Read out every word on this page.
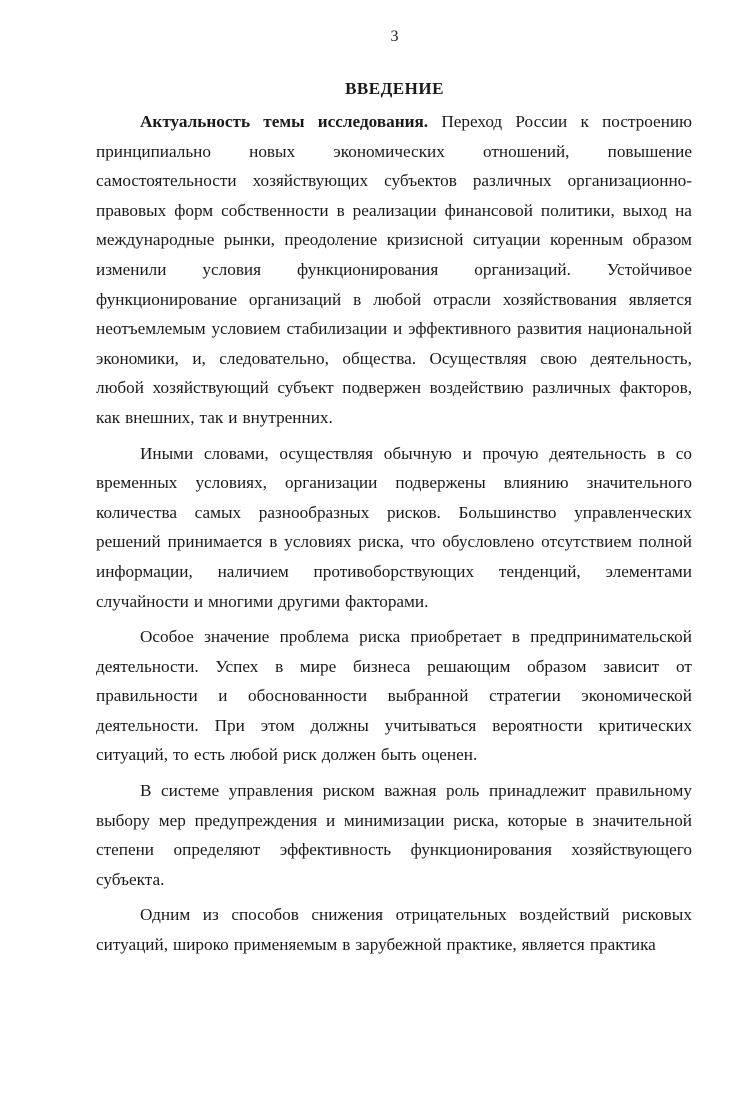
3
ВВЕДЕНИЕ
Актуальность темы исследования. Переход России к построению
принципиально новых экономических отношений, повышение
самостоятельности хозяйствующих субъектов различных организационно-
правовых форм собственности в реализации финансовой политики, выход на
международные рынки, преодоление кризисной ситуации коренным образом
изменили условия функционирования организаций. Устойчивое
функционирование организаций в любой отрасли хозяйствования является
неотъемлемым условием стабилизации и эффективного развития национальной
экономики, и, следовательно, общества. Осуществляя свою деятельность,
любой хозяйствующий субъект подвержен воздействию различных факторов,
как внешних, так и внутренних.
Иными словами, осуществляя обычную и прочую деятельность в со
временных условиях, организации подвержены влиянию значительного
количества самых разнообразных рисков. Большинство управленческих
решений принимается в условиях риска, что обусловлено отсутствием полной
информации, наличием противоборствующих тенденций, элементами
случайности и многими другими факторами.
Особое значение проблема риска приобретает в предпринимательской
деятельности. Успех в мире бизнеса решающим образом зависит от
правильности и обоснованности выбранной стратегии экономической
деятельности. При этом должны учитываться вероятности критических
ситуаций, то есть любой риск должен быть оценен.
В системе управления риском важная роль принадлежит правильному
выбору мер предупреждения и минимизации риска, которые в значительной
степени определяют эффективность функционирования хозяйствующего
субъекта.
Одним из способов снижения отрицательных воздействий рисковых
ситуаций, широко применяемым в зарубежной практике, является практика
